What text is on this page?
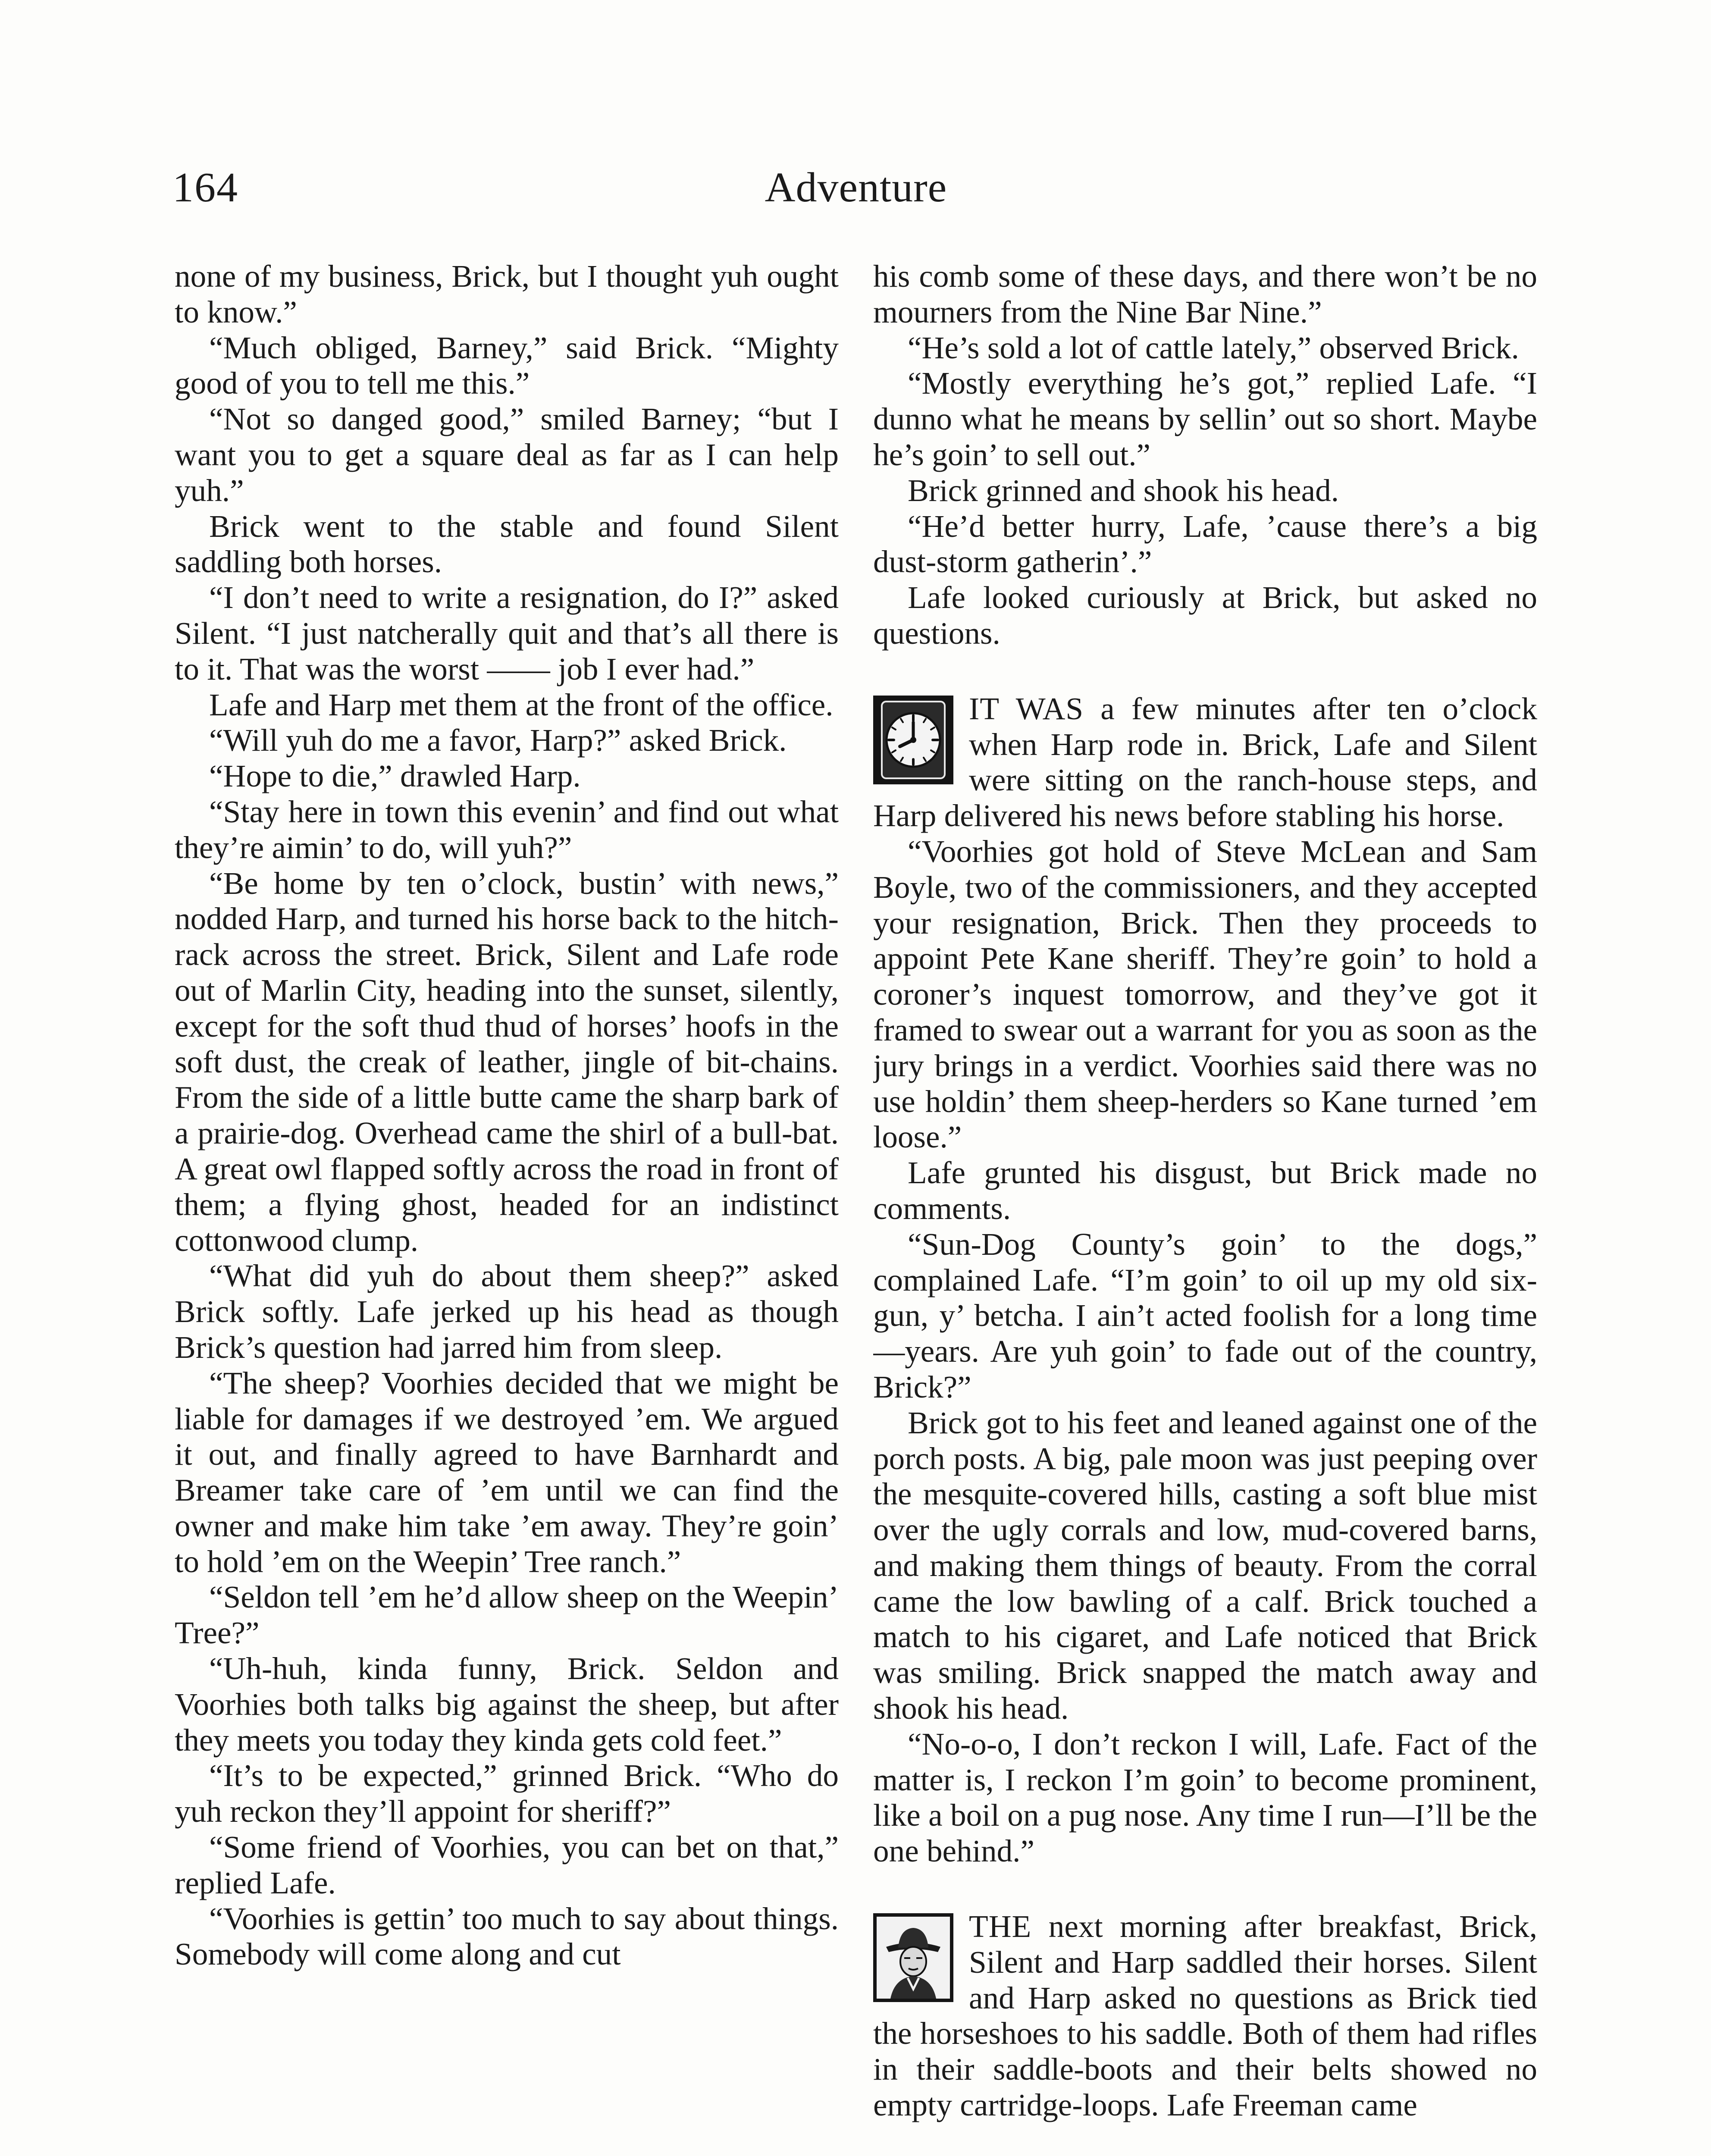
164	Adventure

none of my business, Brick, but I thought yuh ought to know.”

“Much obliged, Barney,” said Brick. “Mighty good of you to tell me this.”

“Not so danged good,” smiled Barney; “but I want you to get a square deal as far as I can help yuh.”

Brick went to the stable and found Silent saddling both horses.

“I don’t need to write a resignation, do I?” asked Silent. “I just natcherally quit and that’s all there is to it. That was the worst —— job I ever had.”

Lafe and Harp met them at the front of the office.

“Will yuh do me a favor, Harp?” asked Brick.

“Hope to die,” drawled Harp.

“Stay here in town this evenin’ and find out what they’re aimin’ to do, will yuh?”

“Be home by ten o’clock, bustin’ with news,” nodded Harp, and turned his horse back to the hitch-rack across the street. Brick, Silent and Lafe rode out of Marlin City, heading into the sunset, silently, except for the soft thud thud of horses’ hoofs in the soft dust, the creak of leather, jingle of bit-chains. From the side of a little butte came the sharp bark of a prairie-dog. Overhead came the shirl of a bull-bat. A great owl flapped softly across the road in front of them; a flying ghost, headed for an indistinct cottonwood clump.

“What did yuh do about them sheep?” asked Brick softly. Lafe jerked up his head as though Brick’s question had jarred him from sleep.

“The sheep? Voorhies decided that we might be liable for damages if we destroyed ’em. We argued it out, and finally agreed to have Barnhardt and Breamer take care of ’em until we can find the owner and make him take ’em away. They’re goin’ to hold ’em on the Weepin’ Tree ranch.”

“Seldon tell ’em he’d allow sheep on the Weepin’ Tree?”

“Uh-huh, kinda funny, Brick. Seldon and Voorhies both talks big against the sheep, but after they meets you today they kinda gets cold feet.”

“It’s to be expected,” grinned Brick. “Who do yuh reckon they’ll appoint for sheriff?”

“Some friend of Voorhies, you can bet on that,” replied Lafe.

“Voorhies is gettin’ too much to say about things. Somebody will come along and cut

his comb some of these days, and there won’t be no mourners from the Nine Bar Nine.”

“He’s sold a lot of cattle lately,” observed Brick.

“Mostly everything he’s got,” replied Lafe. “I dunno what he means by sellin’ out so short. Maybe he’s goin’ to sell out.”

Brick grinned and shook his head.

“He’d better hurry, Lafe, ’cause there’s a big dust-storm gatherin’.”

Lafe looked curiously at Brick, but asked no questions.

IT WAS a few minutes after ten o’clock when Harp rode in. Brick, Lafe and Silent were sitting on the ranch-house steps, and Harp delivered his news before stabling his horse.

“Voorhies got hold of Steve McLean and Sam Boyle, two of the commissioners, and they accepted your resignation, Brick. Then they proceeds to appoint Pete Kane sheriff. They’re goin’ to hold a coroner’s inquest tomorrow, and they’ve got it framed to swear out a warrant for you as soon as the jury brings in a verdict. Voorhies said there was no use holdin’ them sheep-herders so Kane turned ’em loose.”

Lafe grunted his disgust, but Brick made no comments.

“Sun-Dog County’s goin’ to the dogs,” complained Lafe. “I’m goin’ to oil up my old six-gun, y’ betcha. I ain’t acted foolish for a long time—years. Are yuh goin’ to fade out of the country, Brick?”

Brick got to his feet and leaned against one of the porch posts. A big, pale moon was just peeping over the mesquite-covered hills, casting a soft blue mist over the ugly corrals and low, mud-covered barns, and making them things of beauty. From the corral came the low bawling of a calf. Brick touched a match to his cigaret, and Lafe noticed that Brick was smiling. Brick snapped the match away and shook his head.

“No-o-o, I don’t reckon I will, Lafe. Fact of the matter is, I reckon I’m goin’ to become prominent, like a boil on a pug nose. Any time I run—I’ll be the one behind.”

THE next morning after breakfast, Brick, Silent and Harp saddled their horses. Silent and Harp asked no questions as Brick tied the horseshoes to his saddle. Both of them had rifles in their saddle-boots and their belts showed no empty cartridge-loops. Lafe Freeman came
